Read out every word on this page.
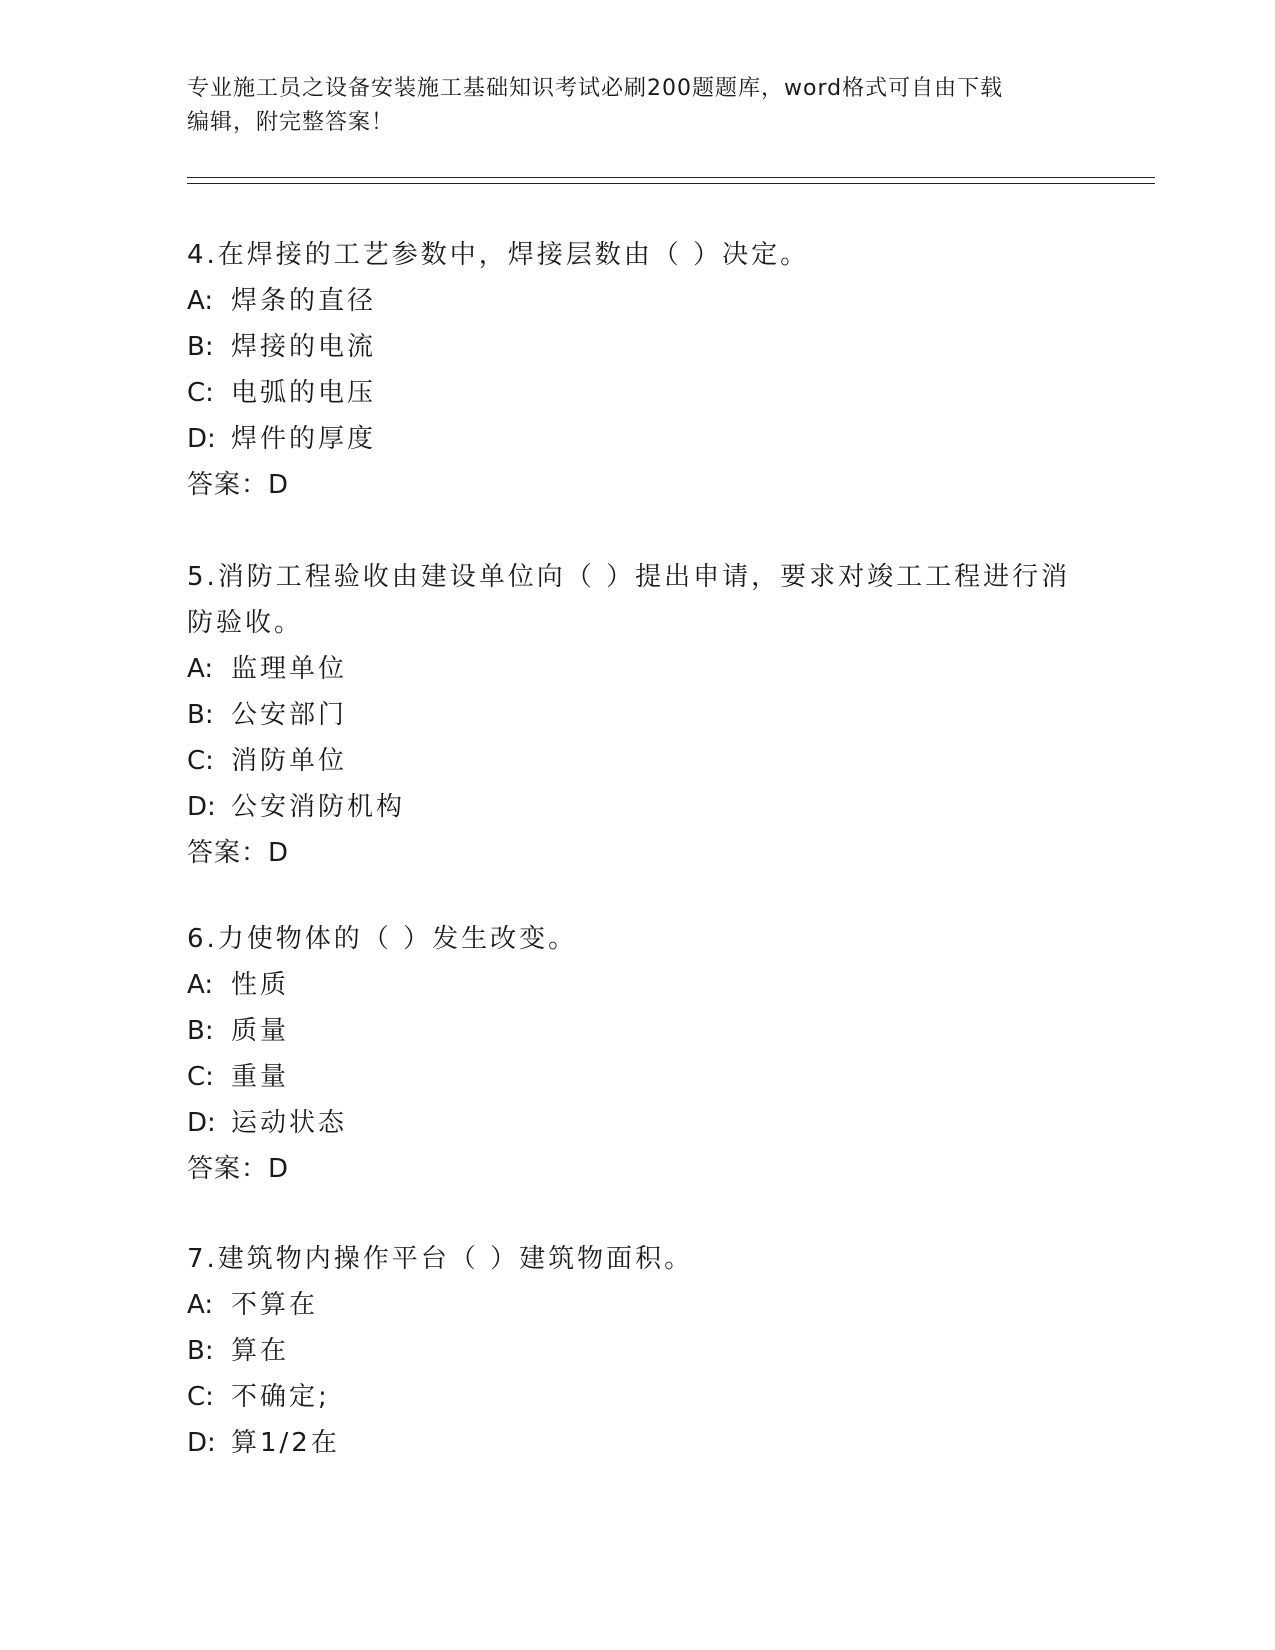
专业施工员之设备安装施工基础知识考试必刷200题题库，word格式可自由下载
编辑，附完整答案！
4.在焊接的工艺参数中，焊接层数由（ ）决定。
A: 焊条的直径
B: 焊接的电流
C: 电弧的电压
D: 焊件的厚度
答案：D
5.消防工程验收由建设单位向（ ）提出申请，要求对竣工工程进行消
防验收。
A: 监理单位
B: 公安部门
C: 消防单位
D: 公安消防机构
答案：D
6.力使物体的（ ）发生改变。
A: 性质
B: 质量
C: 重量
D: 运动状态
答案：D
7.建筑物内操作平台（ ）建筑物面积。
A: 不算在
B: 算在
C: 不确定;
D: 算1/2在
